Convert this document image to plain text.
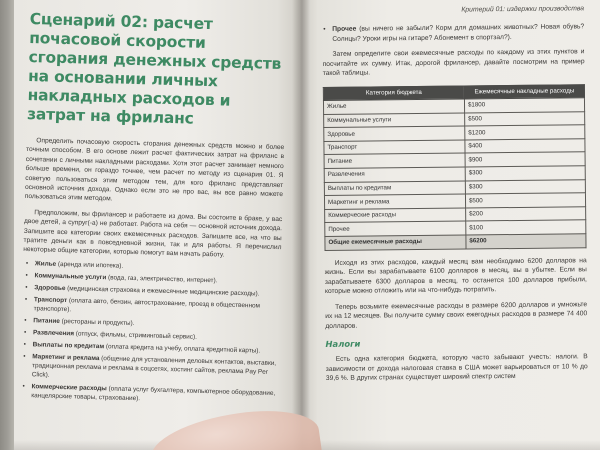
Сценарий 02: расчет почасовой скорости сгорания денежных средств на основании личных накладных расходов и затрат на фриланс

Определить почасовую скорость сгорания денежных средств можно и более точным способом. В его основе лежит расчет фактических затрат на фриланс в сочетании с личными накладными расходами. Хотя этот расчет занимает немного больше времени, он гораздо точнее, чем расчет по методу из сценария 01. Я советую пользоваться этим методом тем, для кого фриланс представляет основной источник дохода. Однако если это не про вас, вы все равно можете пользоваться этим методом.

Предположим, вы фрилансер и работаете из дома. Вы состоите в браке, у вас двое детей, а супруг(-а) не работает. Работа на себя — основной источник дохода. Запишите все категории своих ежемесячных расходов. Запишите все, на что вы тратите деньги как в повседневной жизни, так и для работы. Я перечислил некоторые общие категории, которые помогут вам начать работу.

• Жилье (аренда или ипотека).
• Коммунальные услуги (вода, газ, электричество, интернет).
• Здоровье (медицинская страховка и ежемесячные медицинские расходы).
• Транспорт (оплата авто, бензин, автострахование, проезд в общественном транспорте).
• Питание (рестораны и продукты).
• Развлечения (отпуск, фильмы, стриминговый сервис).
• Выплаты по кредитам (оплата кредита на учебу, оплата кредитной карты).
• Маркетинг и реклама (общение для установления деловых контактов, выставки, традиционная реклама и реклама в соцсетях, хостинг сайтов, реклама Pay Per Click).
• Коммерческие расходы (оплата услуг бухгалтера, компьютерное оборудование, канцелярские товары, страхование).
Критерий 01: издержки производства

• Прочее (вы ничего не забыли? Корм для домашних животных? Новая обувь? Солнцы? Уроки игры на гитаре? Абонемент в спортзал?).

Затем определите свои ежемесячные расходы по каждому из этих пунктов и посчитайте их сумму. Итак, дорогой фрилансер, давайте посмотрим на пример такой таблицы.

Категория бюджета	Ежемесячные накладные расходы
Жилье	$1800
Коммунальные услуги	$500
Здоровье	$1200
Транспорт	$400
Питание	$900
Развлечения	$300
Выплаты по кредитам	$300
Маркетинг и реклама	$500
Коммерческие расходы	$200
Прочее	$100
Общие ежемесячные расходы	$6200

Исходя из этих расходов, каждый месяц вам необходимо 6200 долларов на жизнь. Если вы зарабатываете 6100 долларов в месяц, вы в убытке. Если вы зарабатываете 6300 долларов в месяц, то останется 100 долларов прибыли, которые можно отложить или на что-нибудь потратить.

Теперь возьмите ежемесячные расходы в размере 6200 долларов и умножьте их на 12 месяцев. Вы получите сумму своих ежегодных расходов в размере 74 400 долларов.

Налоги

Есть одна категория бюджета, которую часто забывают учесть: налоги. В зависимости от дохода налоговая ставка в США может варьироваться от 10 % до 39,6 %. В других странах существует широкий спектр систем
